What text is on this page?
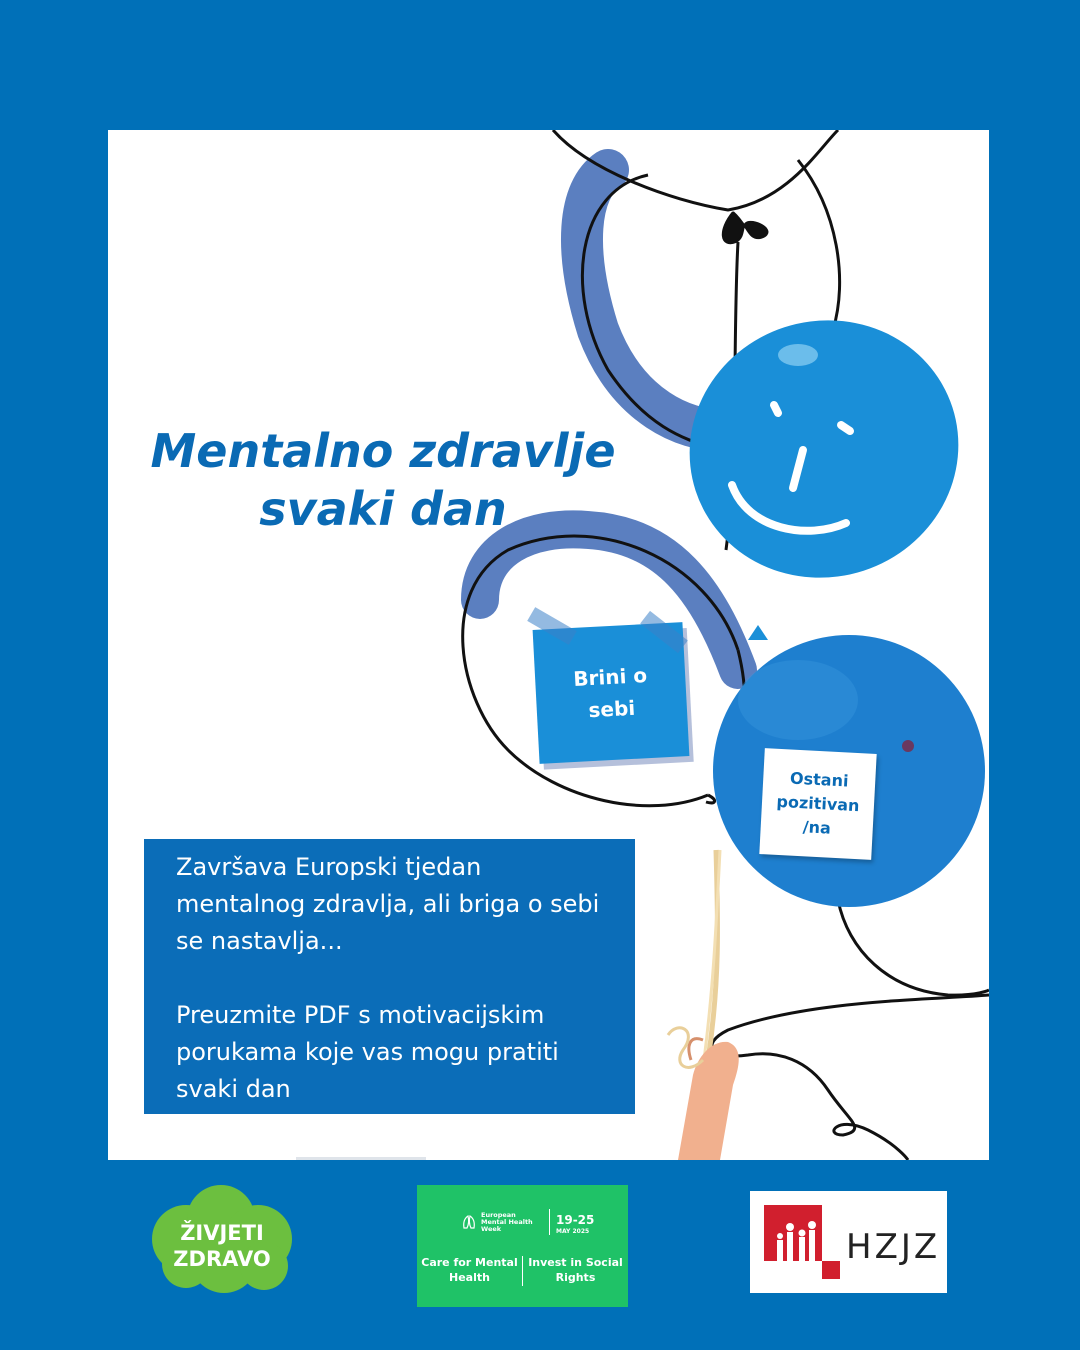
Mentalno zdravlje
svaki dan
Brini o
sebi
Ostani
pozitivan
/na

Završava Europski tjedan mentalnog zdravlja, ali briga o sebi se nastavlja...

Preuzmite PDF s motivacijskim porukama koje vas mogu pratiti svaki dan

ŽIVJETI
ZDRAVO
European Mental Health Week
19-25
MAY 2025
Care for Mental Health
Invest in Social Rights
HZJZ
